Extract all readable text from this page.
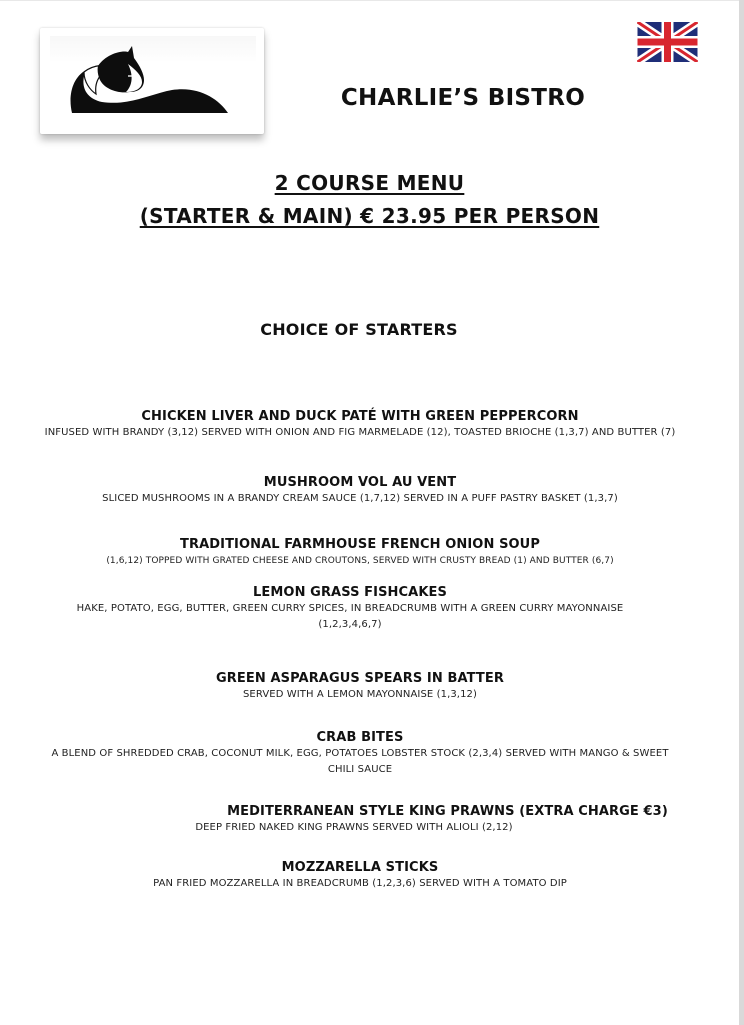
CHARLIE’S BISTRO
2 COURSE MENU
(STARTER & MAIN) € 23.95 PER PERSON
CHOICE OF STARTERS
CHICKEN LIVER AND DUCK PATÉ WITH GREEN PEPPERCORN
INFUSED WITH BRANDY (3,12) SERVED WITH ONION AND FIG MARMELADE (12), TOASTED BRIOCHE (1,3,7) AND BUTTER (7)
MUSHROOM VOL AU VENT
SLICED MUSHROOMS IN A BRANDY CREAM SAUCE (1,7,12) SERVED IN A PUFF PASTRY BASKET (1,3,7)
TRADITIONAL FARMHOUSE FRENCH ONION SOUP
(1,6,12) TOPPED WITH GRATED CHEESE AND CROUTONS, SERVED WITH CRUSTY BREAD (1) AND BUTTER (6,7)
LEMON GRASS FISHCAKES
HAKE, POTATO, EGG, BUTTER, GREEN CURRY SPICES, IN BREADCRUMB WITH A GREEN CURRY MAYONNAISE (1,2,3,4,6,7)
GREEN ASPARAGUS SPEARS IN BATTER
SERVED WITH A LEMON MAYONNAISE (1,3,12)
CRAB BITES
A BLEND OF SHREDDED CRAB, COCONUT MILK, EGG, POTATOES LOBSTER STOCK (2,3,4) SERVED WITH MANGO & SWEET CHILI SAUCE
MEDITERRANEAN STYLE KING PRAWNS (EXTRA CHARGE €3)
DEEP FRIED NAKED KING PRAWNS SERVED WITH ALIOLI (2,12)
MOZZARELLA STICKS
PAN FRIED MOZZARELLA IN BREADCRUMB (1,2,3,6) SERVED WITH A TOMATO DIP
